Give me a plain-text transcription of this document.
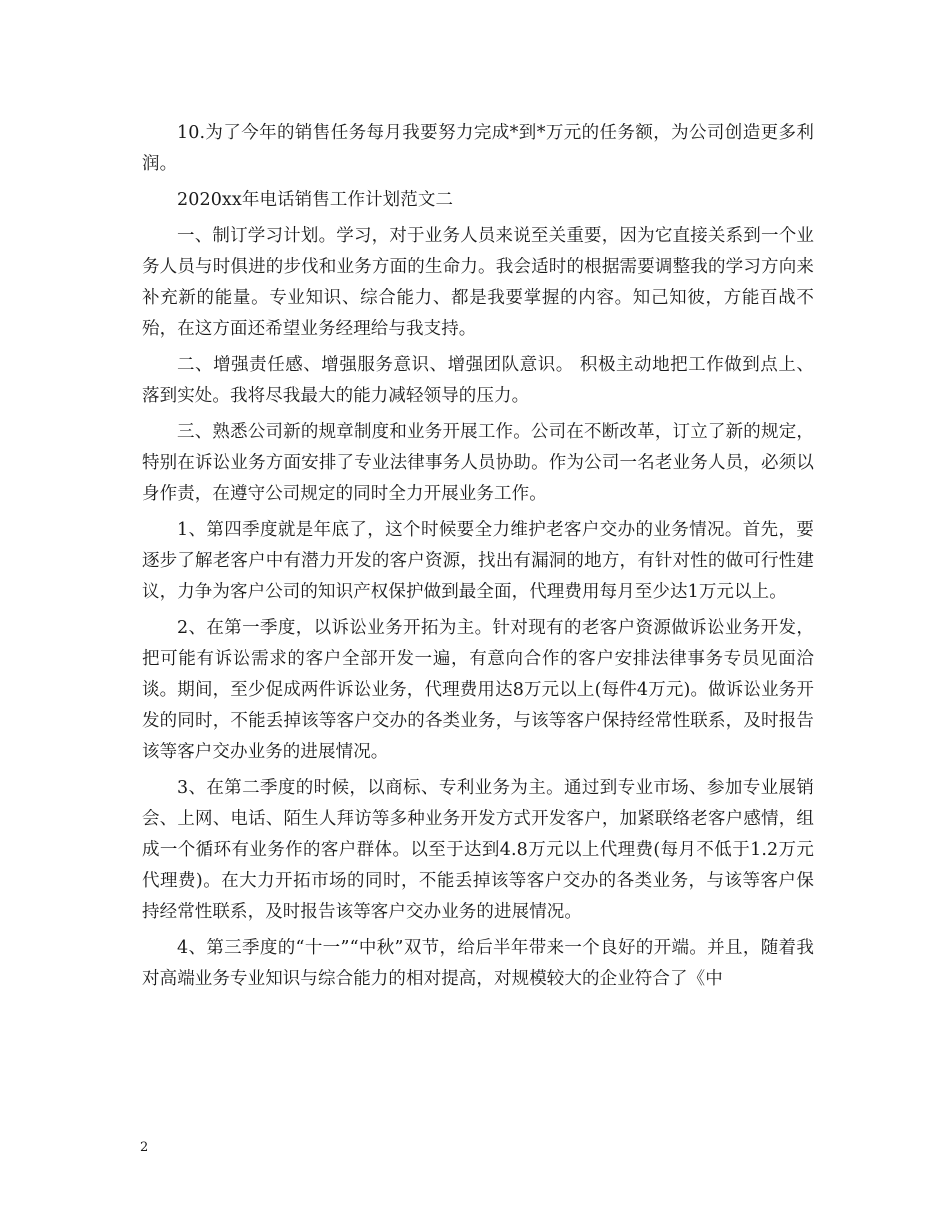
10.为了今年的销售任务每月我要努力完成*到*万元的任务额，为公司创造更多利润。

2020xx年电话销售工作计划范文二

一、制订学习计划。学习，对于业务人员来说至关重要，因为它直接关系到一个业务人员与时俱进的步伐和业务方面的生命力。我会适时的根据需要调整我的学习方向来补充新的能量。专业知识、综合能力、都是我要掌握的内容。知己知彼，方能百战不殆，在这方面还希望业务经理给与我支持。

二、增强责任感、增强服务意识、增强团队意识。 积极主动地把工作做到点上、落到实处。我将尽我最大的能力减轻领导的压力。

三、熟悉公司新的规章制度和业务开展工作。公司在不断改革，订立了新的规定，特别在诉讼业务方面安排了专业法律事务人员协助。作为公司一名老业务人员，必须以身作责，在遵守公司规定的同时全力开展业务工作。

1、第四季度就是年底了，这个时候要全力维护老客户交办的业务情况。首先，要逐步了解老客户中有潜力开发的客户资源，找出有漏洞的地方，有针对性的做可行性建议，力争为客户公司的知识产权保护做到最全面，代理费用每月至少达1万元以上。

2、在第一季度，以诉讼业务开拓为主。针对现有的老客户资源做诉讼业务开发，把可能有诉讼需求的客户全部开发一遍，有意向合作的客户安排法律事务专员见面洽谈。期间，至少促成两件诉讼业务，代理费用达8万元以上(每件4万元)。做诉讼业务开发的同时，不能丢掉该等客户交办的各类业务，与该等客户保持经常性联系，及时报告该等客户交办业务的进展情况。

3、在第二季度的时候，以商标、专利业务为主。通过到专业市场、参加专业展销会、上网、电话、陌生人拜访等多种业务开发方式开发客户，加紧联络老客户感情，组成一个循环有业务作的客户群体。以至于达到4.8万元以上代理费(每月不低于1.2万元代理费)。在大力开拓市场的同时，不能丢掉该等客户交办的各类业务，与该等客户保持经常性联系，及时报告该等客户交办业务的进展情况。

4、第三季度的“十一”“中秋”双节，给后半年带来一个良好的开端。并且，随着我对高端业务专业知识与综合能力的相对提高，对规模较大的企业符合了《中

2
